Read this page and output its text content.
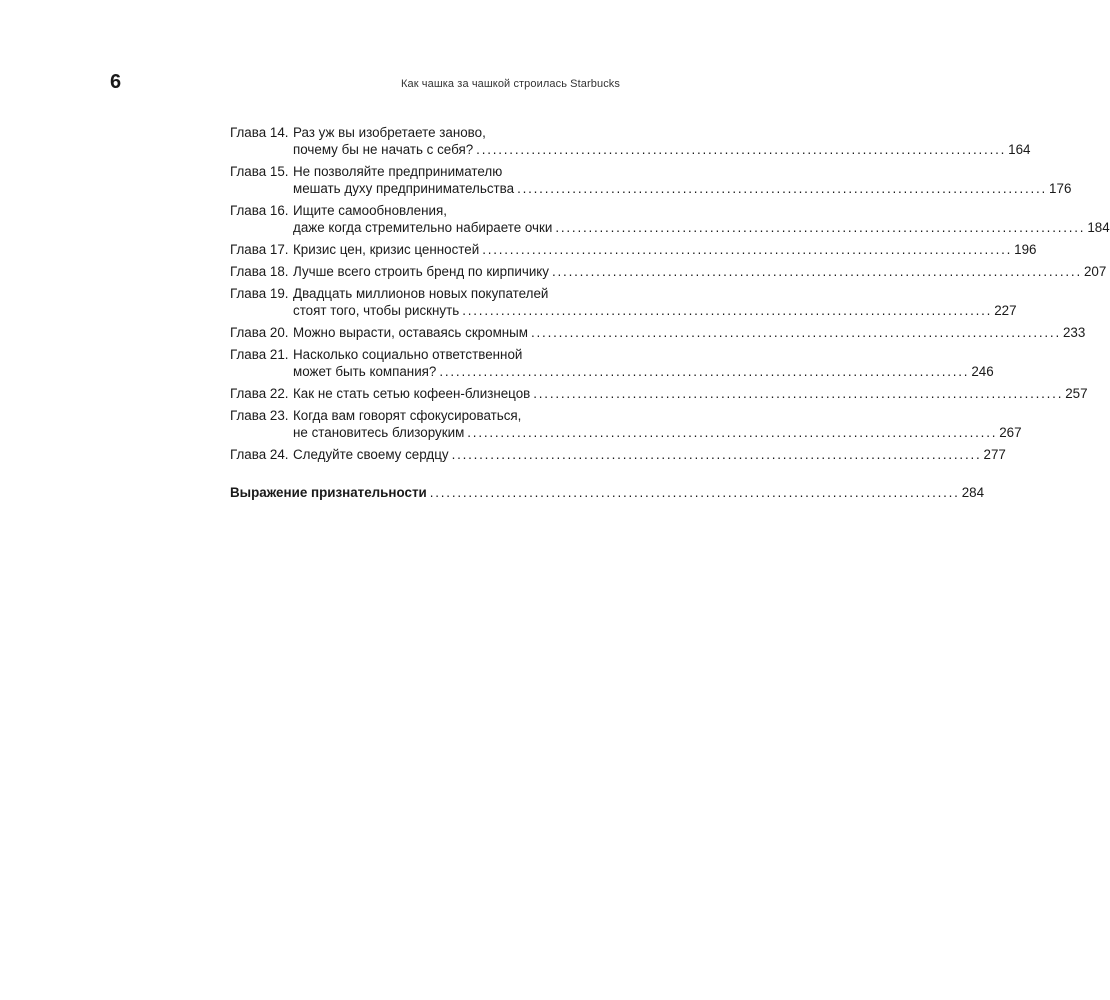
6	Как чашка за чашкой строилась Starbucks
Глава 14. Раз уж вы изобретаете заново,
почему бы не начать с себя? ................................................................................................ 164
Глава 15. Не позволяйте предпринимателю
мешать духу предпринимательства ................................................................................................ 176
Глава 16. Ищите самообновления,
даже когда стремительно набираете очки ................................................................................................ 184
Глава 17. Кризис цен, кризис ценностей ................................................................................................ 196
Глава 18. Лучше всего строить бренд по кирпичику ................................................................................................ 207
Глава 19. Двадцать миллионов новых покупателей
стоят того, чтобы рискнуть ................................................................................................ 227
Глава 20. Можно вырасти, оставаясь скромным ................................................................................................ 233
Глава 21. Насколько социально ответственной
может быть компания? ................................................................................................ 246
Глава 22. Как не стать сетью кофеен-близнецов ................................................................................................ 257
Глава 23. Когда вам говорят сфокусироваться,
не становитесь близоруким ................................................................................................ 267
Глава 24. Следуйте своему сердцу ................................................................................................ 277
Выражение признательности ................................................................................................ 284
